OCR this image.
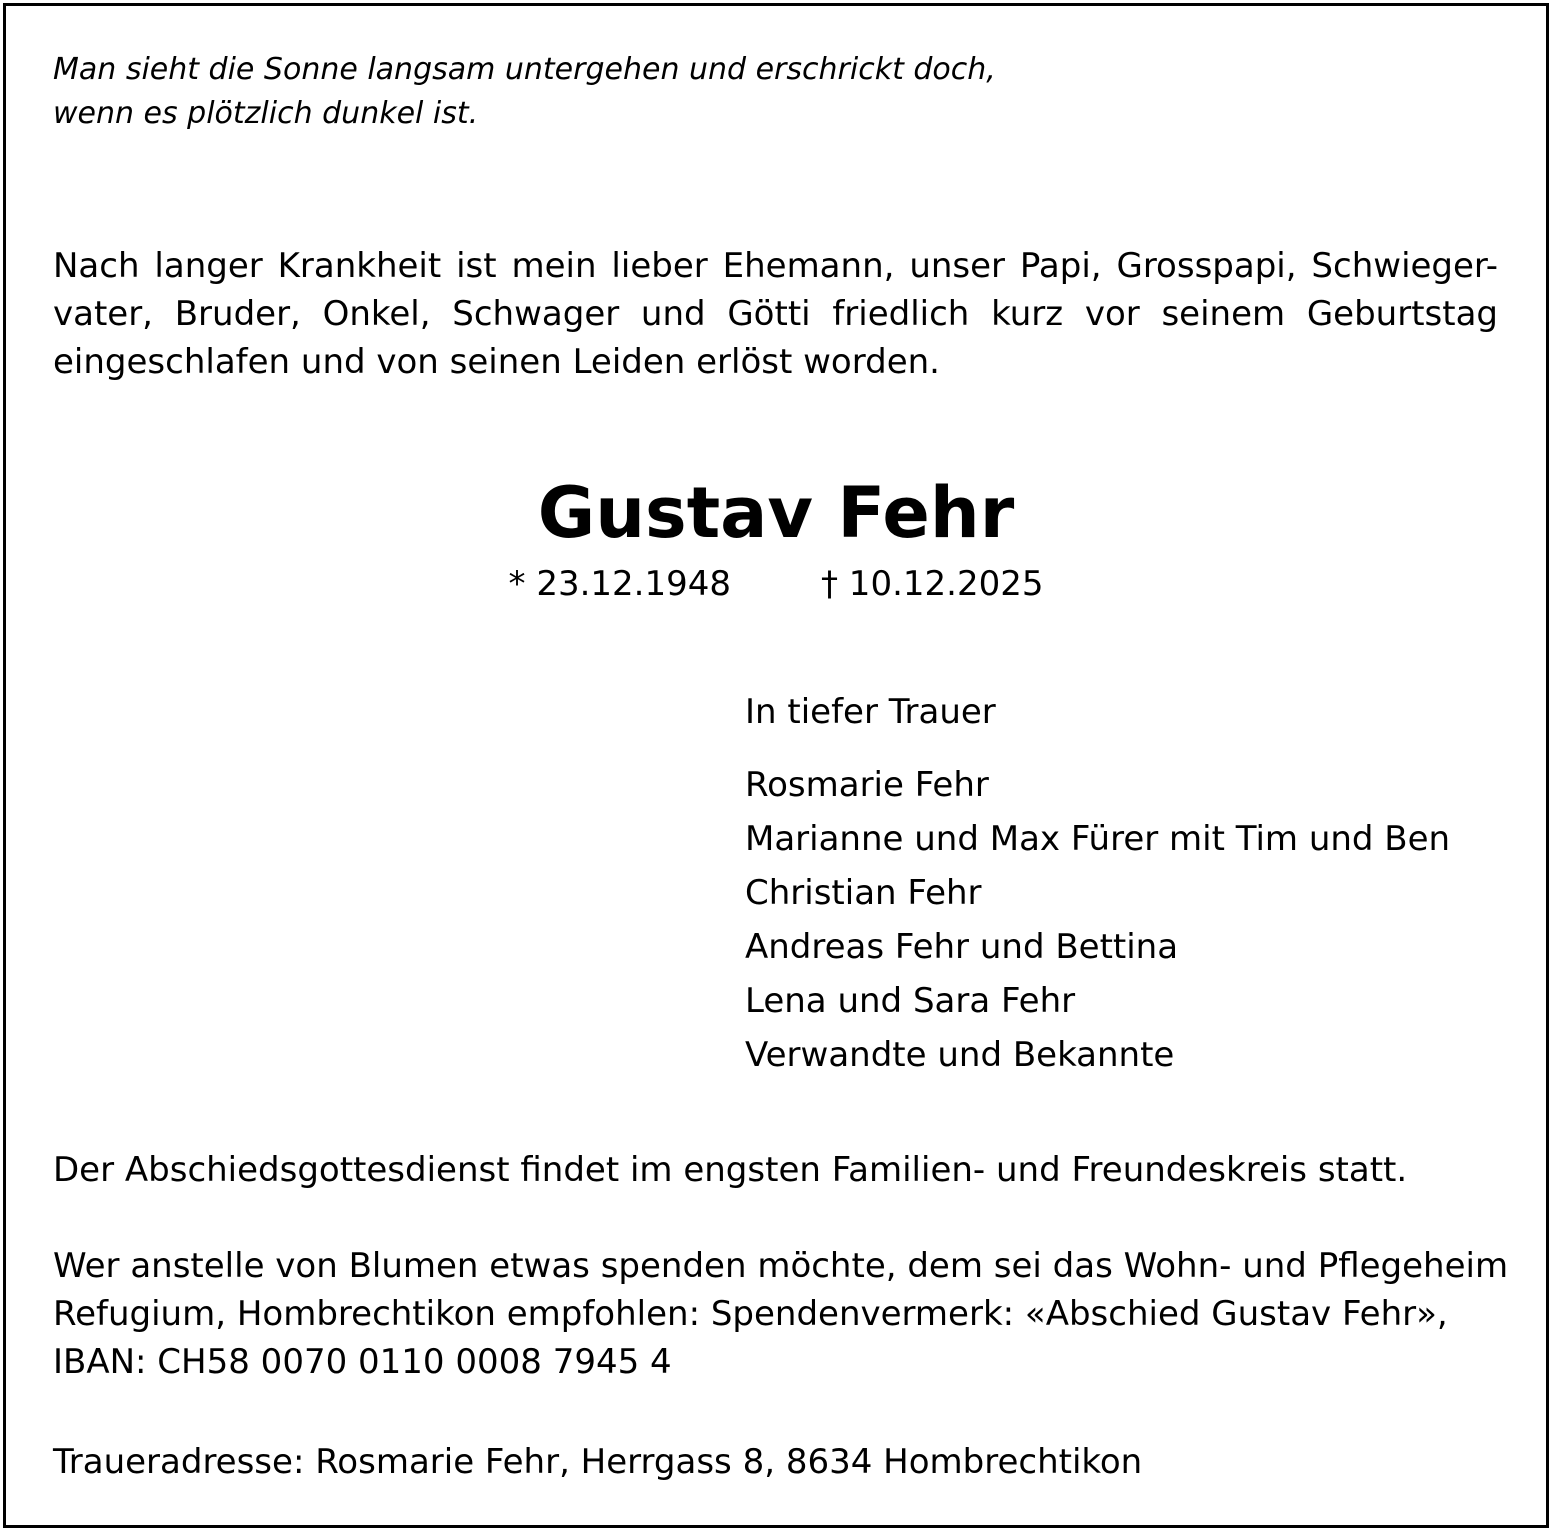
Man sieht die Sonne langsam untergehen und erschrickt doch,
wenn es plötzlich dunkel ist.

Nach langer Krankheit ist mein lieber Ehemann, unser Papi, Grosspapi, Schwieger-
vater, Bruder, Onkel, Schwager und Götti friedlich kurz vor seinem Geburtstag
eingeschlafen und von seinen Leiden erlöst worden.

Gustav Fehr
* 23.12.1948	† 10.12.2025
In tiefer Trauer
Rosmarie Fehr
Marianne und Max Fürer mit Tim und Ben
Christian Fehr
Andreas Fehr und Bettina
Lena und Sara Fehr
Verwandte und Bekannte

Der Abschiedsgottesdienst findet im engsten Familien- und Freundeskreis statt.

Wer anstelle von Blumen etwas spenden möchte, dem sei das Wohn- und Pflegeheim
Refugium, Hombrechtikon empfohlen: Spendenvermerk: «Abschied Gustav Fehr»,
IBAN: CH58 0070 0110 0008 7945 4

Traueradresse: Rosmarie Fehr, Herrgass 8, 8634 Hombrechtikon
